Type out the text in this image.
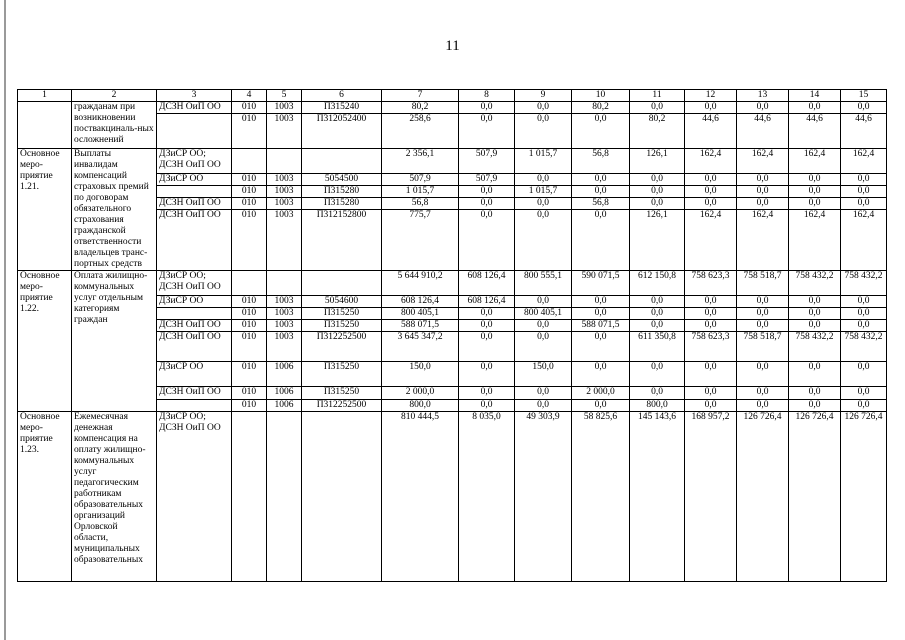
11
1	2	3	4	5	6	7	8	9	10	11	12	13	14	15
	гражданам при возникновении поствакциналь-ных осложнений	ДСЗН ОиП ОО	010	1003	П315240	80,2	0,0	0,0	80,2	0,0	0,0	0,0	0,0	0,0
			010	1003	П312052400	258,6	0,0	0,0	0,0	80,2	44,6	44,6	44,6	44,6
Основное меро-приятие 1.21.	Выплаты инвалидам компенсаций страховых премий по договорам обязательного страхования гражданской ответственности владельцев транс-портных средств	ДЗиСР ОО; ДСЗН ОиП ОО				2 356,1	507,9	1 015,7	56,8	126,1	162,4	162,4	162,4	162,4
		ДЗиСР ОО	010	1003	5054500	507,9	507,9	0,0	0,0	0,0	0,0	0,0	0,0	0,0
			010	1003	П315280	1 015,7	0,0	1 015,7	0,0	0,0	0,0	0,0	0,0	0,0
		ДСЗН ОиП ОО	010	1003	П315280	56,8	0,0	0,0	56,8	0,0	0,0	0,0	0,0	0,0
		ДСЗН ОиП ОО	010	1003	П312152800	775,7	0,0	0,0	0,0	126,1	162,4	162,4	162,4	162,4
Основное меро-приятие 1.22.	Оплата жилищно-коммунальных услуг отдельным категориям граждан	ДЗиСР ОО; ДСЗН ОиП ОО				5 644 910,2	608 126,4	800 555,1	590 071,5	612 150,8	758 623,3	758 518,7	758 432,2	758 432,2
		ДЗиСР ОО	010	1003	5054600	608 126,4	608 126,4	0,0	0,0	0,0	0,0	0,0	0,0	0,0
			010	1003	П315250	800 405,1	0,0	800 405,1	0,0	0,0	0,0	0,0	0,0	0,0
		ДСЗН ОиП ОО	010	1003	П315250	588 071,5	0,0	0,0	588 071,5	0,0	0,0	0,0	0,0	0,0
		ДСЗН ОиП ОО	010	1003	П312252500	3 645 347,2	0,0	0,0	0,0	611 350,8	758 623,3	758 518,7	758 432,2	758 432,2
		ДЗиСР ОО	010	1006	П315250	150,0	0,0	150,0	0,0	0,0	0,0	0,0	0,0	0,0
		ДСЗН ОиП ОО	010	1006	П315250	2 000,0	0,0	0,0	2 000,0	0,0	0,0	0,0	0,0	0,0
			010	1006	П312252500	800,0	0,0	0,0	0,0	800,0	0,0	0,0	0,0	0,0
Основное меро-приятие 1.23.	Ежемесячная денежная компенсация на оплату жилищно-коммунальных услуг педагогическим работникам образовательных организаций Орловской области, муниципальных образовательных	ДЗиСР ОО; ДСЗН ОиП ОО				810 444,5	8 035,0	49 303,9	58 825,6	145 143,6	168 957,2	126 726,4	126 726,4	126 726,4
